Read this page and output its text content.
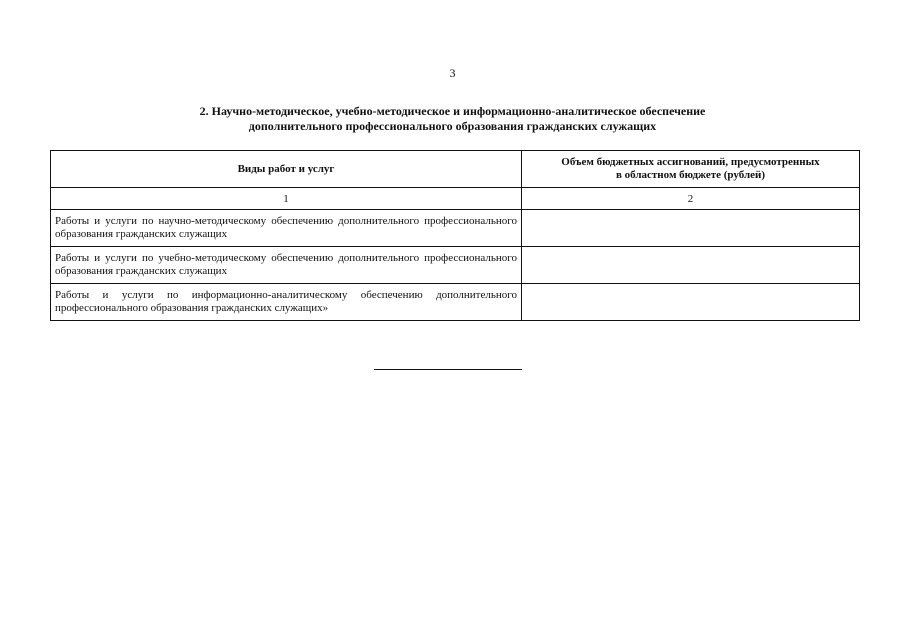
3
2. Научно-методическое, учебно-методическое и информационно-аналитическое обеспечение
дополнительного профессионального образования гражданских служащих
Виды работ и услуг	Объем бюджетных ассигнований, предусмотренных
в областном бюджете (рублей)

1	2
Работы и услуги по научно-методическому обеспечению дополнительного профессионального образования гражданских служащих	
Работы и услуги по учебно-методическому обеспечению дополнительного профессионального образования гражданских служащих	
Работы и услуги по информационно-аналитическому обеспечению дополнительного профессионального образования гражданских служащих»	
